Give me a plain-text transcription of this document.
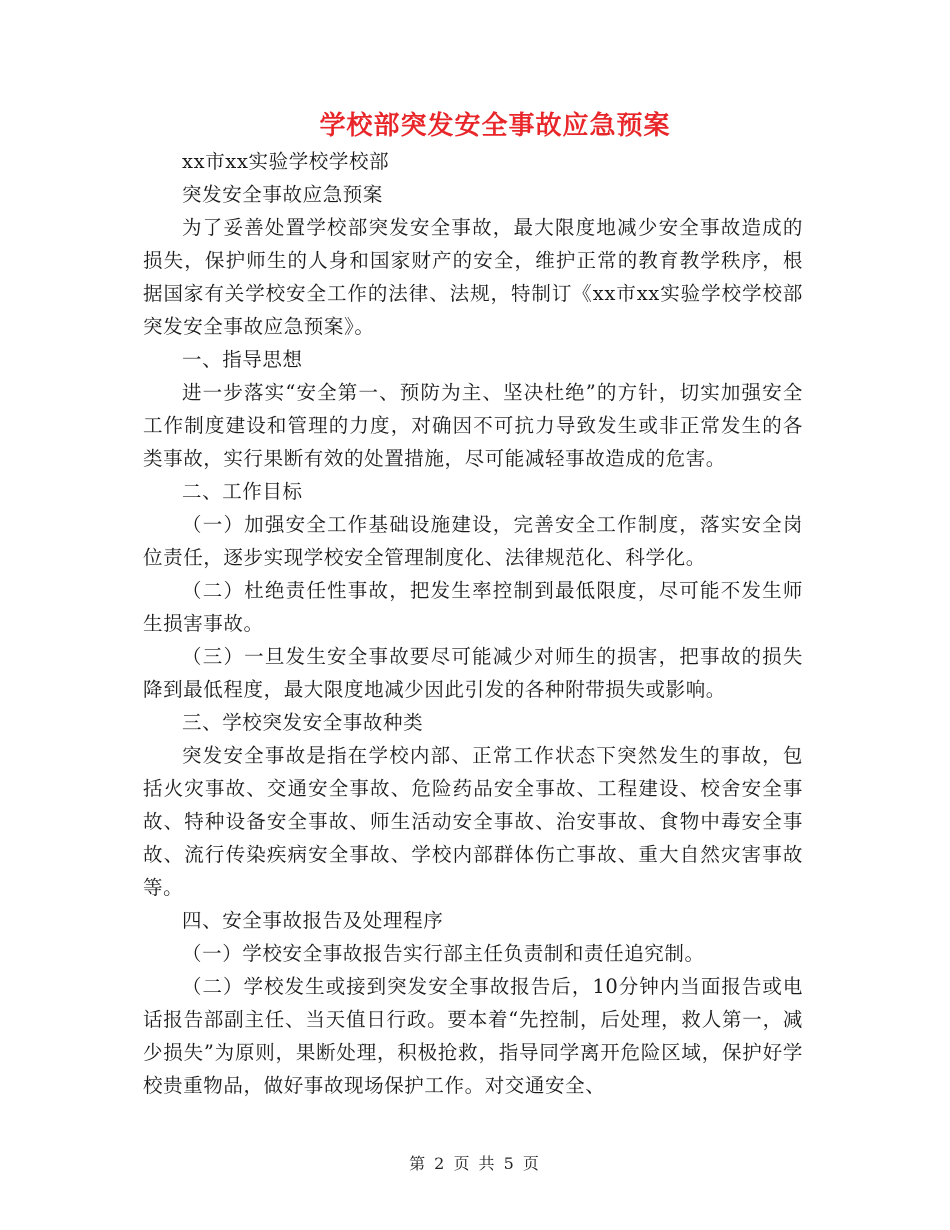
学校部突发安全事故应急预案

xx市xx实验学校学校部

突发安全事故应急预案

为了妥善处置学校部突发安全事故，最大限度地减少安全事故造成的损失，保护师生的人身和国家财产的安全，维护正常的教育教学秩序，根据国家有关学校安全工作的法律、法规，特制订《xx市xx实验学校学校部突发安全事故应急预案》。

一、指导思想

进一步落实“安全第一、预防为主、坚决杜绝”的方针，切实加强安全工作制度建设和管理的力度，对确因不可抗力导致发生或非正常发生的各类事故，实行果断有效的处置措施，尽可能减轻事故造成的危害。

二、工作目标

（一）加强安全工作基础设施建设，完善安全工作制度，落实安全岗位责任，逐步实现学校安全管理制度化、法律规范化、科学化。

（二）杜绝责任性事故，把发生率控制到最低限度，尽可能不发生师生损害事故。

（三）一旦发生安全事故要尽可能减少对师生的损害，把事故的损失降到最低程度，最大限度地减少因此引发的各种附带损失或影响。

三、学校突发安全事故种类

突发安全事故是指在学校内部、正常工作状态下突然发生的事故，包括火灾事故、交通安全事故、危险药品安全事故、工程建设、校舍安全事故、特种设备安全事故、师生活动安全事故、治安事故、食物中毒安全事故、流行传染疾病安全事故、学校内部群体伤亡事故、重大自然灾害事故等。

四、安全事故报告及处理程序

（一）学校安全事故报告实行部主任负责制和责任追究制。

（二）学校发生或接到突发安全事故报告后，10分钟内当面报告或电话报告部副主任、当天值日行政。要本着“先控制，后处理，救人第一，减少损失”为原则，果断处理，积极抢救，指导同学离开危险区域，保护好学校贵重物品，做好事故现场保护工作。对交通安全、

第 2 页 共 5 页
